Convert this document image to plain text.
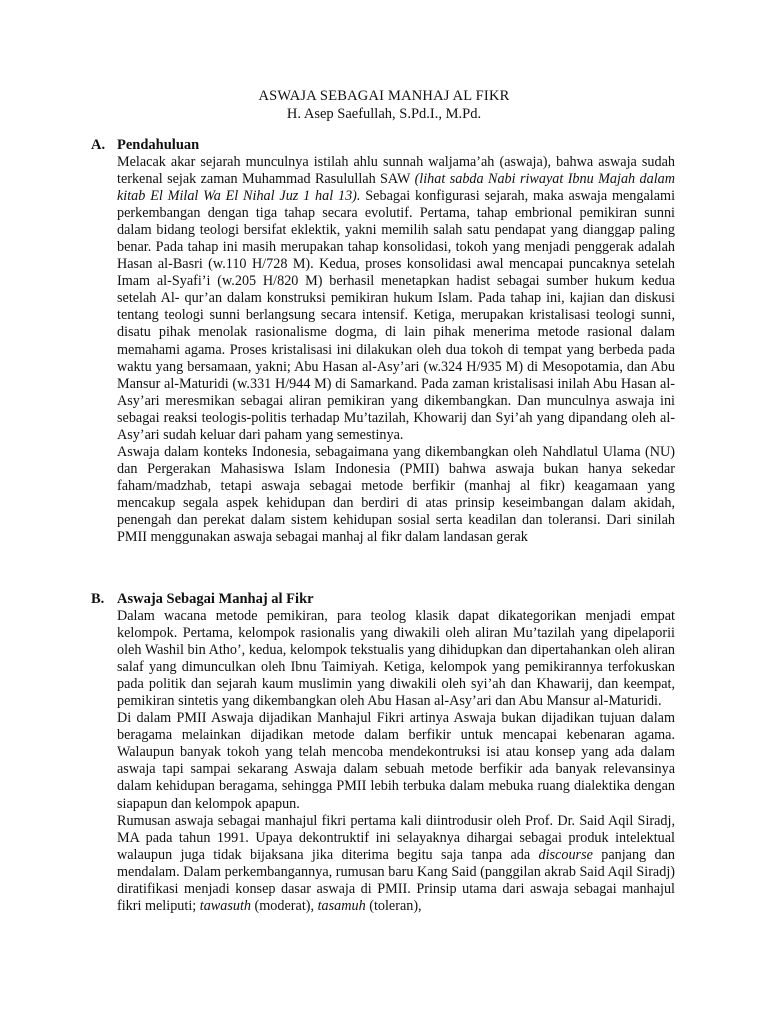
ASWAJA SEBAGAI MANHAJ AL FIKR

H. Asep Saefullah, S.Pd.I., M.Pd.

A. Pendahuluan

Melacak akar sejarah munculnya istilah ahlu sunnah waljama’ah (aswaja), bahwa aswaja sudah terkenal sejak zaman Muhammad Rasulullah SAW (lihat sabda Nabi riwayat Ibnu Majah dalam kitab El Milal Wa El Nihal Juz 1 hal 13). Sebagai konfigurasi sejarah, maka aswaja mengalami perkembangan dengan tiga tahap secara evolutif. Pertama, tahap embrional pemikiran sunni dalam bidang teologi bersifat eklektik, yakni memilih salah satu pendapat yang dianggap paling benar. Pada tahap ini masih merupakan tahap konsolidasi, tokoh yang menjadi penggerak adalah Hasan al-Basri (w.110 H/728 M). Kedua, proses konsolidasi awal mencapai puncaknya setelah Imam al-Syafi’i (w.205 H/820 M) berhasil menetapkan hadist sebagai sumber hukum kedua setelah Al- qur’an dalam konstruksi pemikiran hukum Islam. Pada tahap ini, kajian dan diskusi tentang teologi sunni berlangsung secara intensif. Ketiga, merupakan kristalisasi teologi sunni, disatu pihak menolak rasionalisme dogma, di lain pihak menerima metode rasional dalam memahami agama. Proses kristalisasi ini dilakukan oleh dua tokoh di tempat yang berbeda pada waktu yang bersamaan, yakni; Abu Hasan al-Asy’ari (w.324 H/935 M) di Mesopotamia, dan Abu Mansur al-Maturidi (w.331 H/944 M) di Samarkand. Pada zaman kristalisasi inilah Abu Hasan al-Asy’ari meresmikan sebagai aliran pemikiran yang dikembangkan. Dan munculnya aswaja ini sebagai reaksi teologis-politis terhadap Mu’tazilah, Khowarij dan Syi’ah yang dipandang oleh al-Asy’ari sudah keluar dari paham yang semestinya.

Aswaja dalam konteks Indonesia, sebagaimana yang dikembangkan oleh Nahdlatul Ulama (NU) dan Pergerakan Mahasiswa Islam Indonesia (PMII) bahwa aswaja bukan hanya sekedar faham/madzhab, tetapi aswaja sebagai metode berfikir (manhaj al fikr) keagamaan yang mencakup segala aspek kehidupan dan berdiri di atas prinsip keseimbangan dalam akidah, penengah dan perekat dalam sistem kehidupan sosial serta keadilan dan toleransi. Dari sinilah PMII menggunakan aswaja sebagai manhaj al fikr dalam landasan gerak

B. Aswaja Sebagai Manhaj al Fikr

Dalam wacana metode pemikiran, para teolog klasik dapat dikategorikan menjadi empat kelompok. Pertama, kelompok rasionalis yang diwakili oleh aliran Mu’tazilah yang dipelaporii oleh Washil bin Atho’, kedua, kelompok tekstualis yang dihidupkan dan dipertahankan oleh aliran salaf yang dimunculkan oleh Ibnu Taimiyah. Ketiga, kelompok yang pemikirannya terfokuskan pada politik dan sejarah kaum muslimin yang diwakili oleh syi’ah dan Khawarij, dan keempat, pemikiran sintetis yang dikembangkan oleh Abu Hasan al-Asy’ari dan Abu Mansur al-Maturidi.

Di dalam PMII Aswaja dijadikan Manhajul Fikri artinya Aswaja bukan dijadikan tujuan dalam beragama melainkan dijadikan metode dalam berfikir untuk mencapai kebenaran agama. Walaupun banyak tokoh yang telah mencoba mendekontruksi isi atau konsep yang ada dalam aswaja tapi sampai sekarang Aswaja dalam sebuah metode berfikir ada banyak relevansinya dalam kehidupan beragama, sehingga PMII lebih terbuka dalam mebuka ruang dialektika dengan siapapun dan kelompok apapun.

Rumusan aswaja sebagai manhajul fikri pertama kali diintrodusir oleh Prof. Dr. Said Aqil Siradj, MA pada tahun 1991. Upaya dekontruktif ini selayaknya dihargai sebagai produk intelektual walaupun juga tidak bijaksana jika diterima begitu saja tanpa ada discourse panjang dan mendalam. Dalam perkembangannya, rumusan baru Kang Said (panggilan akrab Said Aqil Siradj) diratifikasi menjadi konsep dasar aswaja di PMII. Prinsip utama dari aswaja sebagai manhajul fikri meliputi; tawasuth (moderat), tasamuh (toleran),
